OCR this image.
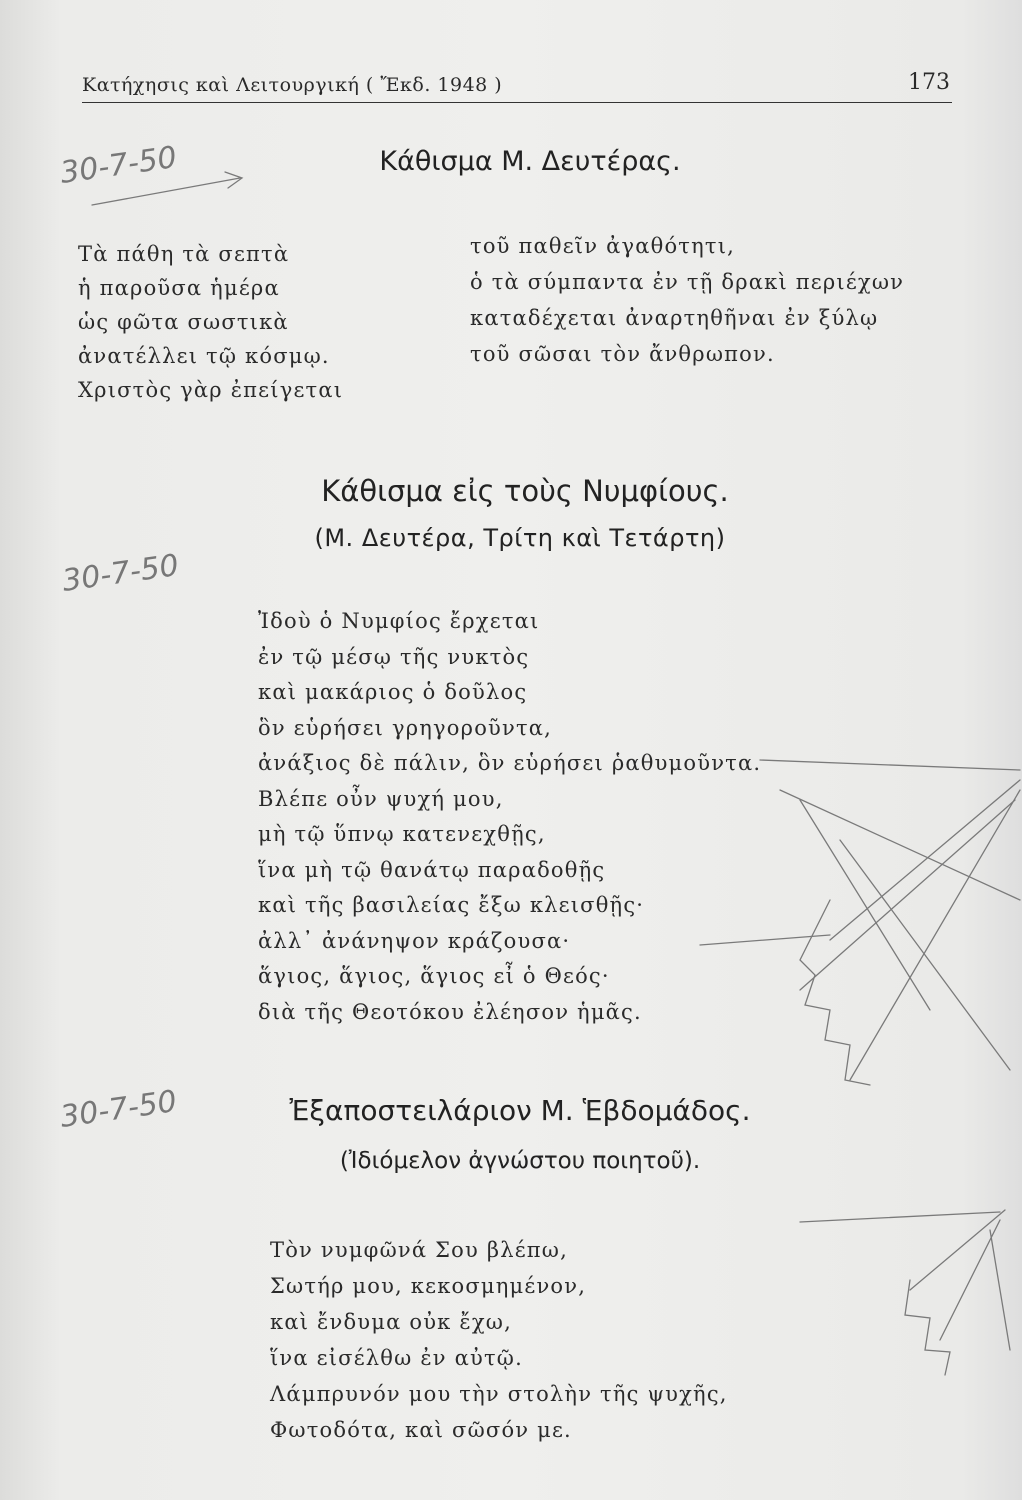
Κατήχησις καὶ Λειτουργική ( Ἔκδ. 1948 )	173
30-7-50
30-7-50
30-7-50
Κάθισμα Μ. Δευτέρας.
Τὰ πάθη τὰ σεπτὰ
ἡ παροῦσα ἡμέρα
ὡς φῶτα σωστικὰ
ἀνατέλλει τῷ κόσμῳ.
Χριστὸς γὰρ ἐπείγεται
τοῦ παθεῖν ἀγαθότητι,
ὁ τὰ σύμπαντα ἐν τῇ δρακὶ περιέχων
καταδέχεται ἀναρτηθῆναι ἐν ξύλῳ
τοῦ σῶσαι τὸν ἄνθρωπον.
Κάθισμα εἰς τοὺς Νυμφίους.
(Μ. Δευτέρα, Τρίτη καὶ Τετάρτη)
Ἰδοὺ ὁ Νυμφίος ἔρχεται
ἐν τῷ μέσῳ τῆς νυκτὸς
καὶ μακάριος ὁ δοῦλος
ὃν εὑρήσει γρηγοροῦντα,
ἀνάξιος δὲ πάλιν, ὃν εὑρήσει ῥαθυμοῦντα.
Βλέπε οὖν ψυχή μου,
μὴ τῷ ὕπνῳ κατενεχθῇς,
ἵνα μὴ τῷ θανάτῳ παραδοθῇς
καὶ τῆς βασιλείας ἔξω κλεισθῇς·
ἀλλ᾽ ἀνάνηψον κράζουσα·
ἅγιος, ἅγιος, ἅγιος εἶ ὁ Θεός·
διὰ τῆς Θεοτόκου ἐλέησον ἡμᾶς.
Ἐξαποστειλάριον Μ. Ἑβδομάδος.
(Ἰδιόμελον ἀγνώστου ποιητοῦ).
Τὸν νυμφῶνά Σου βλέπω,
Σωτήρ μου, κεκοσμημένον,
καὶ ἔνδυμα οὐκ ἔχω,
ἵνα εἰσέλθω ἐν αὐτῷ.
Λάμπρυνόν μου τὴν στολὴν τῆς ψυχῆς,
Φωτοδότα, καὶ σῶσόν με.
